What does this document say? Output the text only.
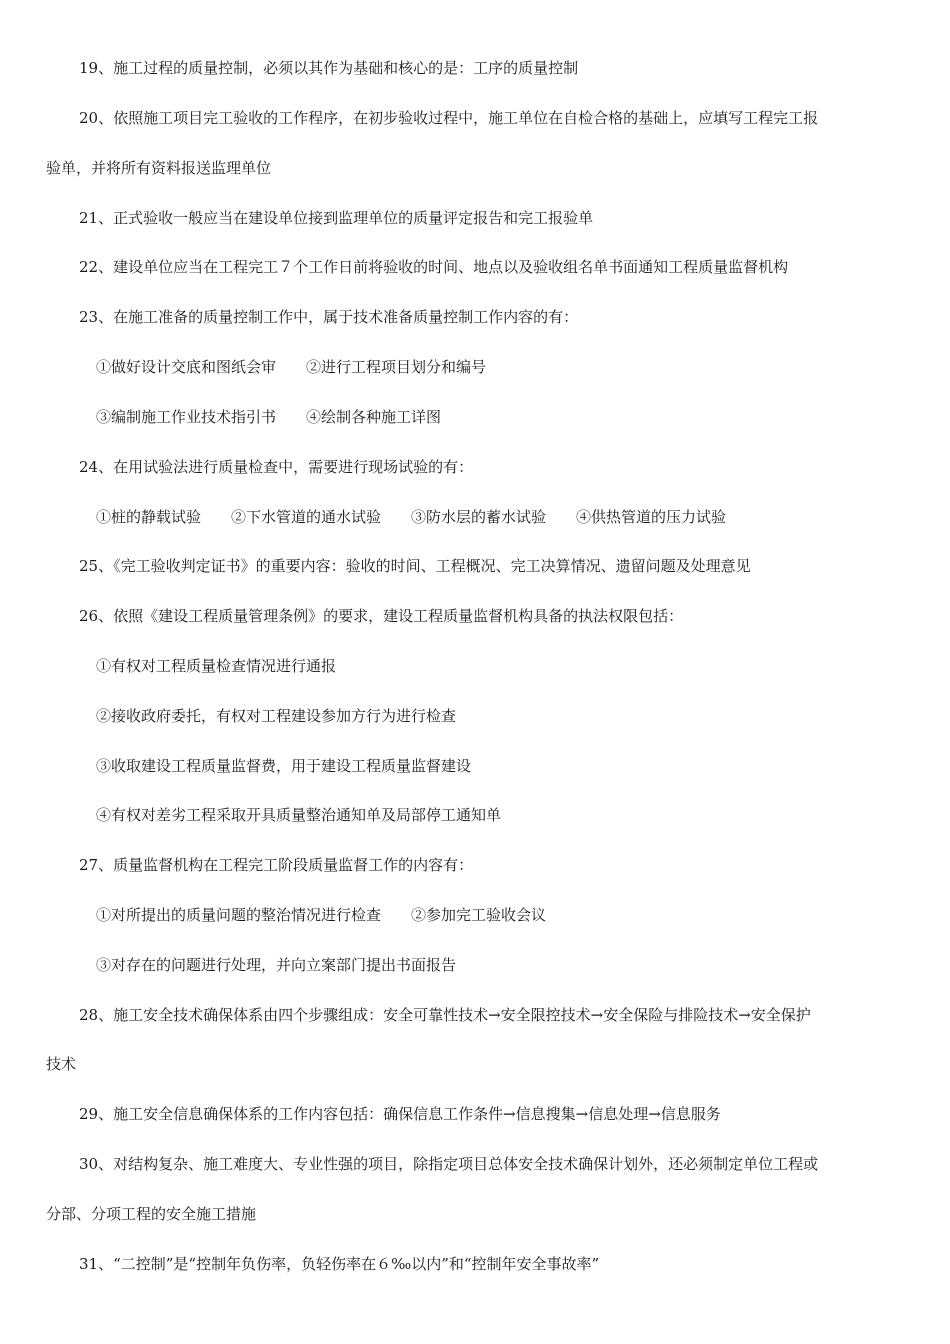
19、施工过程的质量控制，必须以其作为基础和核心的是：工序的质量控制
20、依照施工项目完工验收的工作程序，在初步验收过程中，施工单位在自检合格的基础上，应填写工程完工报
验单，并将所有资料报送监理单位
21、正式验收一般应当在建设单位接到监理单位的质量评定报告和完工报验单
22、建设单位应当在工程完工７个工作日前将验收的时间、地点以及验收组名单书面通知工程质量监督机构
23、在施工准备的质量控制工作中，属于技术准备质量控制工作内容的有：
①做好设计交底和图纸会审 ②进行工程项目划分和编号
③编制施工作业技术指引书 ④绘制各种施工详图
24、在用试验法进行质量检查中，需要进行现场试验的有：
①桩的静载试验 ②下水管道的通水试验 ③防水层的蓄水试验 ④供热管道的压力试验
25、《完工验收判定证书》的重要内容：验收的时间、工程概况、完工决算情况、遗留问题及处理意见
26、依照《建设工程质量管理条例》的要求，建设工程质量监督机构具备的执法权限包括：
①有权对工程质量检查情况进行通报
②接收政府委托，有权对工程建设参加方行为进行检查
③收取建设工程质量监督费，用于建设工程质量监督建设
④有权对差劣工程采取开具质量整治通知单及局部停工通知单
27、质量监督机构在工程完工阶段质量监督工作的内容有：
①对所提出的质量问题的整治情况进行检查 ②参加完工验收会议
③对存在的问题进行处理，并向立案部门提出书面报告
28、施工安全技术确保体系由四个步骤组成：安全可靠性技术→安全限控技术→安全保险与排险技术→安全保护
技术
29、施工安全信息确保体系的工作内容包括：确保信息工作条件→信息搜集→信息处理→信息服务
30、对结构复杂、施工难度大、专业性强的项目，除指定项目总体安全技术确保计划外，还必须制定单位工程或
分部、分项工程的安全施工措施
31、“二控制”是“控制年负伤率，负轻伤率在６‰以内”和“控制年安全事故率”
